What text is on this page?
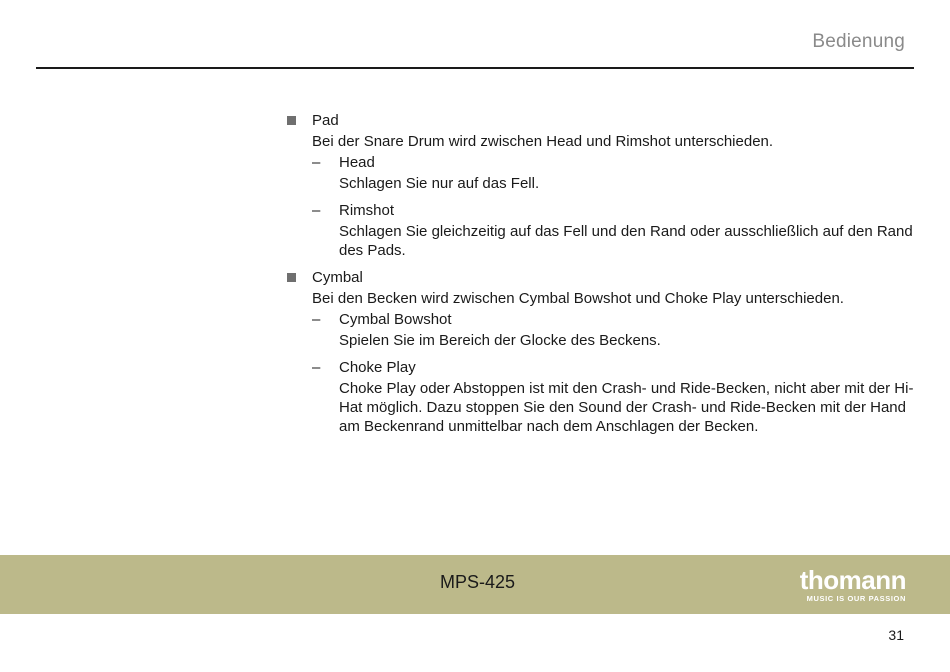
Bedienung
Pad
Bei der Snare Drum wird zwischen Head und Rimshot unterschieden.
– Head
Schlagen Sie nur auf das Fell.
– Rimshot
Schlagen Sie gleichzeitig auf das Fell und den Rand oder ausschließlich auf den Rand des Pads.
Cymbal
Bei den Becken wird zwischen Cymbal Bowshot und Choke Play unterschieden.
– Cymbal Bowshot
Spielen Sie im Bereich der Glocke des Beckens.
– Choke Play
Choke Play oder Abstoppen ist mit den Crash- und Ride-Becken, nicht aber mit der Hi-Hat möglich. Dazu stoppen Sie den Sound der Crash- und Ride-Becken mit der Hand am Beckenrand unmittelbar nach dem Anschlagen der Becken.
MPS-425	thomann
MUSIC IS OUR PASSION
31
